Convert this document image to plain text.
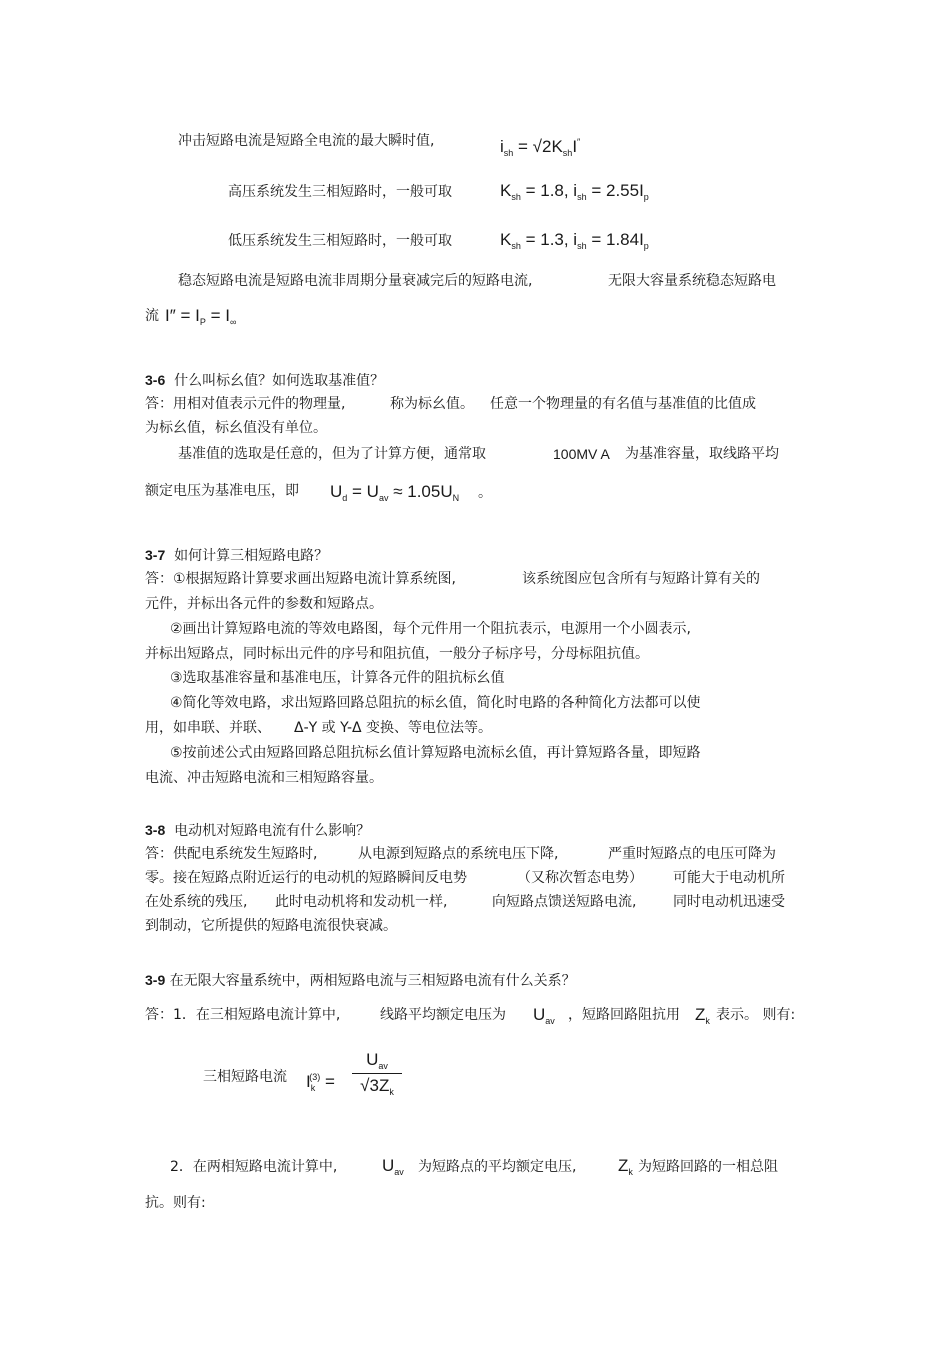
冲击短路电流是短路全电流的最大瞬时值,	$i_{sh} = √2K_{sh}I''$
高压系统发生三相短路时，一般可取	$K_{sh} = 1.8$, $i_{sh} = 2.55I_p$
低压系统发生三相短路时，一般可取	$K_{sh} = 1.3$, $i_{sh} = 1.84I_p$
稳态短路电流是短路电流非周期分量衰减完后的短路电流,	无限大容量系统稳态短路电
流 $I'' = I_P = I_\infty$
3-6 什么叫标幺值？如何选取基准值？
答：用相对值表示元件的物理量,	称为标幺值。 任意一个物理量的有名值与基准值的比值成
为标幺值，标幺值没有单位。
基准值的选取是任意的，但为了计算方便，通常取	100MV A 为基准容量，取线路平均
额定电压为基准电压，即 $U_d = U_{av} \approx 1.05U_N$ 。
3-7 如何计算三相短路电路？
答：①根据短路计算要求画出短路电流计算系统图,	该系统图应包含所有与短路计算有关的
元件，并标出各元件的参数和短路点。
②画出计算短路电流的等效电路图，每个元件用一个阻抗表示，电源用一个小圆表示,
并标出短路点，同时标出元件的序号和阻抗值，一般分子标序号，分母标阻抗值。
③选取基准容量和基准电压，计算各元件的阻抗标幺值
④简化等效电路，求出短路回路总阻抗的标幺值，简化时电路的各种简化方法都可以使
用，如串联、并联、 Δ-Y 或 Y-Δ 变换、等电位法等。
⑤按前述公式由短路回路总阻抗标幺值计算短路电流标幺值，再计算短路各量，即短路
电流、冲击短路电流和三相短路容量。
3-8 电动机对短路电流有什么影响？
答：供配电系统发生短路时,	从电源到短路点的系统电压下降,	严重时短路点的电压可降为
零。接在短路点附近运行的电动机的短路瞬间反电势	（又称次暂态电势） 可能大于电动机所
在处系统的残压, 此时电动机将和发动机一样,	向短路点馈送短路电流,	同时电动机迅速受
到制动，它所提供的短路电流很快衰减。
3-9 在无限大容量系统中，两相短路电流与三相短路电流有什么关系？
答：1．在三相短路电流计算中,	线路平均额定电压为 $U_{av}$ ，短路回路阻抗用 $Z_k$ 表示。 则有:
三相短路电流 $I_k^{(3)}$ =
$U_{av}$
$√3Z_k$
2．在两相短路电流计算中,	$U_{av}$ 为短路点的平均额定电压, $Z_k$ 为短路回路的一相总阻
抗。则有:
